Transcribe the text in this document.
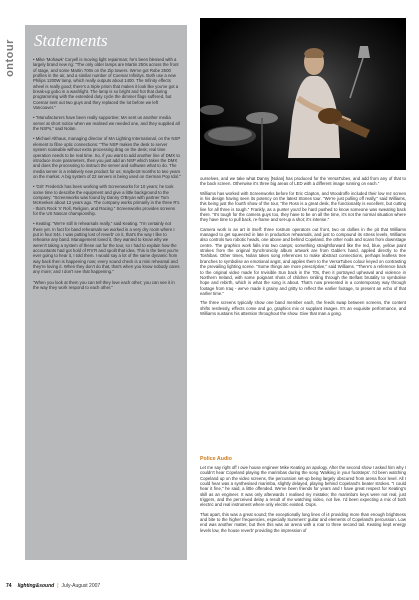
ontour Statements

• Mike 'Mohawk' Coryell is moving light repairman; he's been blessed with a largely brand new rig: "The only older lamps are Martin 250s across the front of stage, and some Martin 700s on the Zip towers. We've got Robe 2500 profiles in the air, and a similar number of Coemar Infinitys. Both use a new Philips 1200W lamp, which really outputs about 1400. The Infinity effects wheel is really good; there's a triple prism that makes it look like you've got a break-up gobo in a washlight. The lamp is so bright and hot that during programming with the extended duty cycle the dimmer flags suffered, but Coemar sent out two guys and they replaced the lot before we left Vancouver."

• "Manufacturers have been really supportive; MA sent us another media server at short notice when we realised we needed one, and they supplied all the NSPs," said Nolan.

• Michael Althaus, managing director of MA Lighting International, on the NSP element to fibre optic connections: "The NSP makes the desk to server system scaleable without extra processing drag on the desk; real time operation needs to be real time. So, if you want to add another line of DMX to introduce more parameters, then you just add an NSP which takes the DMX and does the processing to instruct the server and software what to do. The media server is a relatively new product for us; maybe18 months to two years on the market. A big system of 22 servers is being used on German Pop Idol."

• 'Grit' Frederick has been working with Screenworks for 10 years; he took some time to describe the equipment and give a little background to the company: "Screenworks was found by Danny O'Bryan with partner Tom McKeeken about 12 years ago. The company works primarily in the three R's - that's Rock 'n' Roll, Religion, and Racing." Screenworks provides screens for the US Nascar championship.

• Keating: "We're still in rehearsals really," said Keating. "I'm certainly not there yet. In fact for band rehearsals we worked in a very dry room where I put in four S4s. I was putting lost of reverb' on it, that's the way I like to rehearse any band. Management loved it, they wanted to know why we weren't taking a system of these out for the tour, so I had to explain how the accountants had got hold of R'n'R and spoilt that idea. This is the best you're ever going to hear it, I told them. I would say a lot of the same dynamic from way back then is happening now; every sound check is a mini rehearsal and they're loving it. When they don't do that, that's when you know nobody cares any more; and I don't see that happening."

"When you look at them you can tell they love each other; you can see it in the way they work respond to each other."

ourselves, and we take what Danny [Nolan] has produced for the VersaTubes, and add from any of that to the back screen. Otherwise it's three big areas of LED with a different image running on each."

Williams has worked with Screenworks before for Eric Clapton, and Woodroffe included their low rez screen in his design having seen its potency on the latest Stones tour. "We're just pulling off really," said Williams, this being just the fourth show of the tour, "the Ross is a great desk, the functionality is excellent, but cutting live for all three is tough." Frankly, as a punter you'd be hard pushed to know someone was sweating back there. "It's tough for the camera guys too, they have to be on all the time, it's not the normal situation where they have time to pull back, re-frame and set-up a shot; it's intense."

Camera work is an art in itself: three rostrum operators out front, two on dollies in the pit that Williams managed to get squeezed in late in production rehearsals, and just to compound its stress levels, Williams also controls two robotic heads, one above and behind Copeland, the other nods and scans from downstage centre. The graphics work falls into two camps; something straightforward like the red, blue, yellow paint strokes from the original Synchronicity album artwork are from Gable's hand, applied directly to the Toshibas. Other times, Nolan takes song references to make abstract connections, perhaps leafless tree branches to symbolise an emotional angst, and applies them to the VersaTubes colour keyed on contrasting the prevailing lighting scene. "Some things are more prescriptive," said Williams. "There's a reference back to the original video made for Invisible Sun back in the 70s, then it portrayed upheaval and violence in Northern Ireland, with some poignant shots of children smiling through the Belfast brutality to symbolise hope and rebirth, which is what the song is about. That's now presented in a contemporary way through footage from Iraq - we've made it grainy and gritty to reflect the earlier footage, to present an echo of that earlier time."

The three screens typically show one band member each, the feeds swap between screens, the content shifts restlessly, effects come and go, graphics mix or supplant images. It's an exquisite performance, and Williams sustains his attention throughout the show. Give that man a gong.

Police Audio

Let me say right off I owe house engineer Mike Keating an apology. After the second show I asked him why I couldn't hear Copeland playing the marimbas during the song 'Walking in your footsteps'. I'd been watching Copeland up on the video screens, the percussion set-up being largely obscured from arena floor level. All I could hear was a synthesised marimba, slightly delayed, playing behind Copeland's beater strokes. "I could hear it fine," he said, a little offended. We've been friends for years and I have great respect for Keating's skill as an engineer. It was only afterwards I realised my mistake; the marimba's keys were not real, just triggers, and the perceived delay a result of me watching video, not live. I'd been expecting a mix of both electric and real instrument where only electric existed. Oops.

That apart, this was a great sound; the exceptionally long lines of i4 providing more than enough brightness and bite to the higher frequencies, especially Summers' guitar and elements of Copeland's percussion. Low end was another matter, but then this was an arena with a roar to three second tail. Keating kept energy levels low, the house reverb' providing the impression of

74 lighting&sound | July-August 2007
